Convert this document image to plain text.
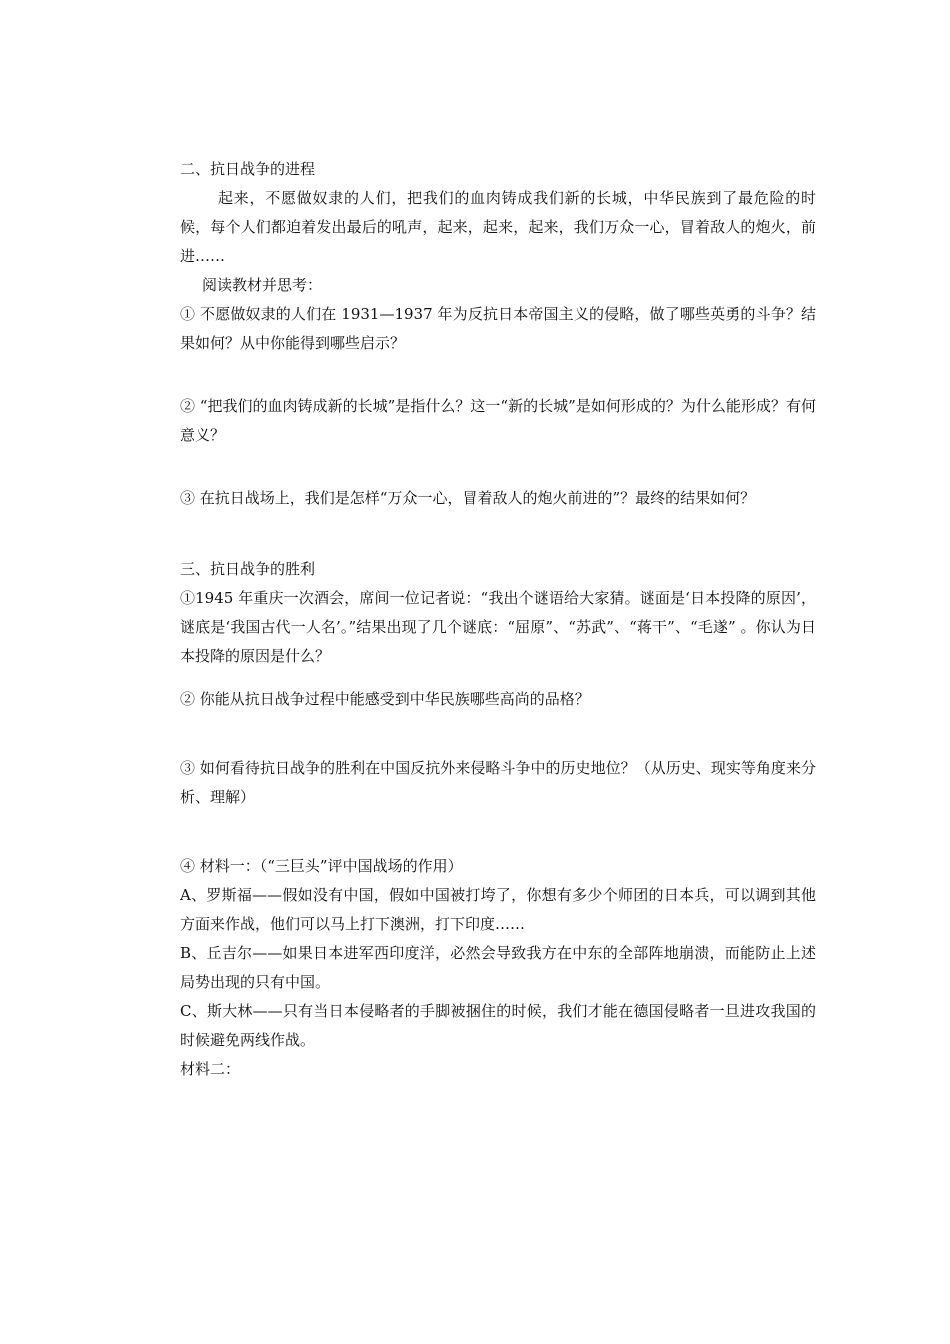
二、抗日战争的进程
起来，不愿做奴隶的人们，把我们的血肉铸成我们新的长城，中华民族到了最危险的时候，每个人们都迫着发出最后的吼声，起来，起来，起来，我们万众一心，冒着敌人的炮火，前进……
阅读教材并思考：
① 不愿做奴隶的人们在 1931—1937 年为反抗日本帝国主义的侵略，做了哪些英勇的斗争？结果如何？从中你能得到哪些启示？
② “把我们的血肉铸成新的长城”是指什么？这一“新的长城”是如何形成的？为什么能形成？有何意义？
③ 在抗日战场上，我们是怎样“万众一心，冒着敌人的炮火前进的”？最终的结果如何？
三、抗日战争的胜利
①1945 年重庆一次酒会，席间一位记者说：“我出个谜语给大家猜。谜面是‘日本投降的原因’，谜底是‘我国古代一人名’。”结果出现了几个谜底：“屈原”、“苏武”、“蒋干”、“毛遂” 。你认为日本投降的原因是什么？
② 你能从抗日战争过程中能感受到中华民族哪些高尚的品格？
③ 如何看待抗日战争的胜利在中国反抗外来侵略斗争中的历史地位？（从历史、现实等角度来分析、理解）
④ 材料一：（“三巨头”评中国战场的作用）
A、罗斯福——假如没有中国，假如中国被打垮了，你想有多少个师团的日本兵，可以调到其他方面来作战，他们可以马上打下澳洲，打下印度……
B、丘吉尔——如果日本进军西印度洋，必然会导致我方在中东的全部阵地崩溃，而能防止上述局势出现的只有中国。
C、斯大林——只有当日本侵略者的手脚被捆住的时候，我们才能在德国侵略者一旦进攻我国的时候避免两线作战。
材料二：
